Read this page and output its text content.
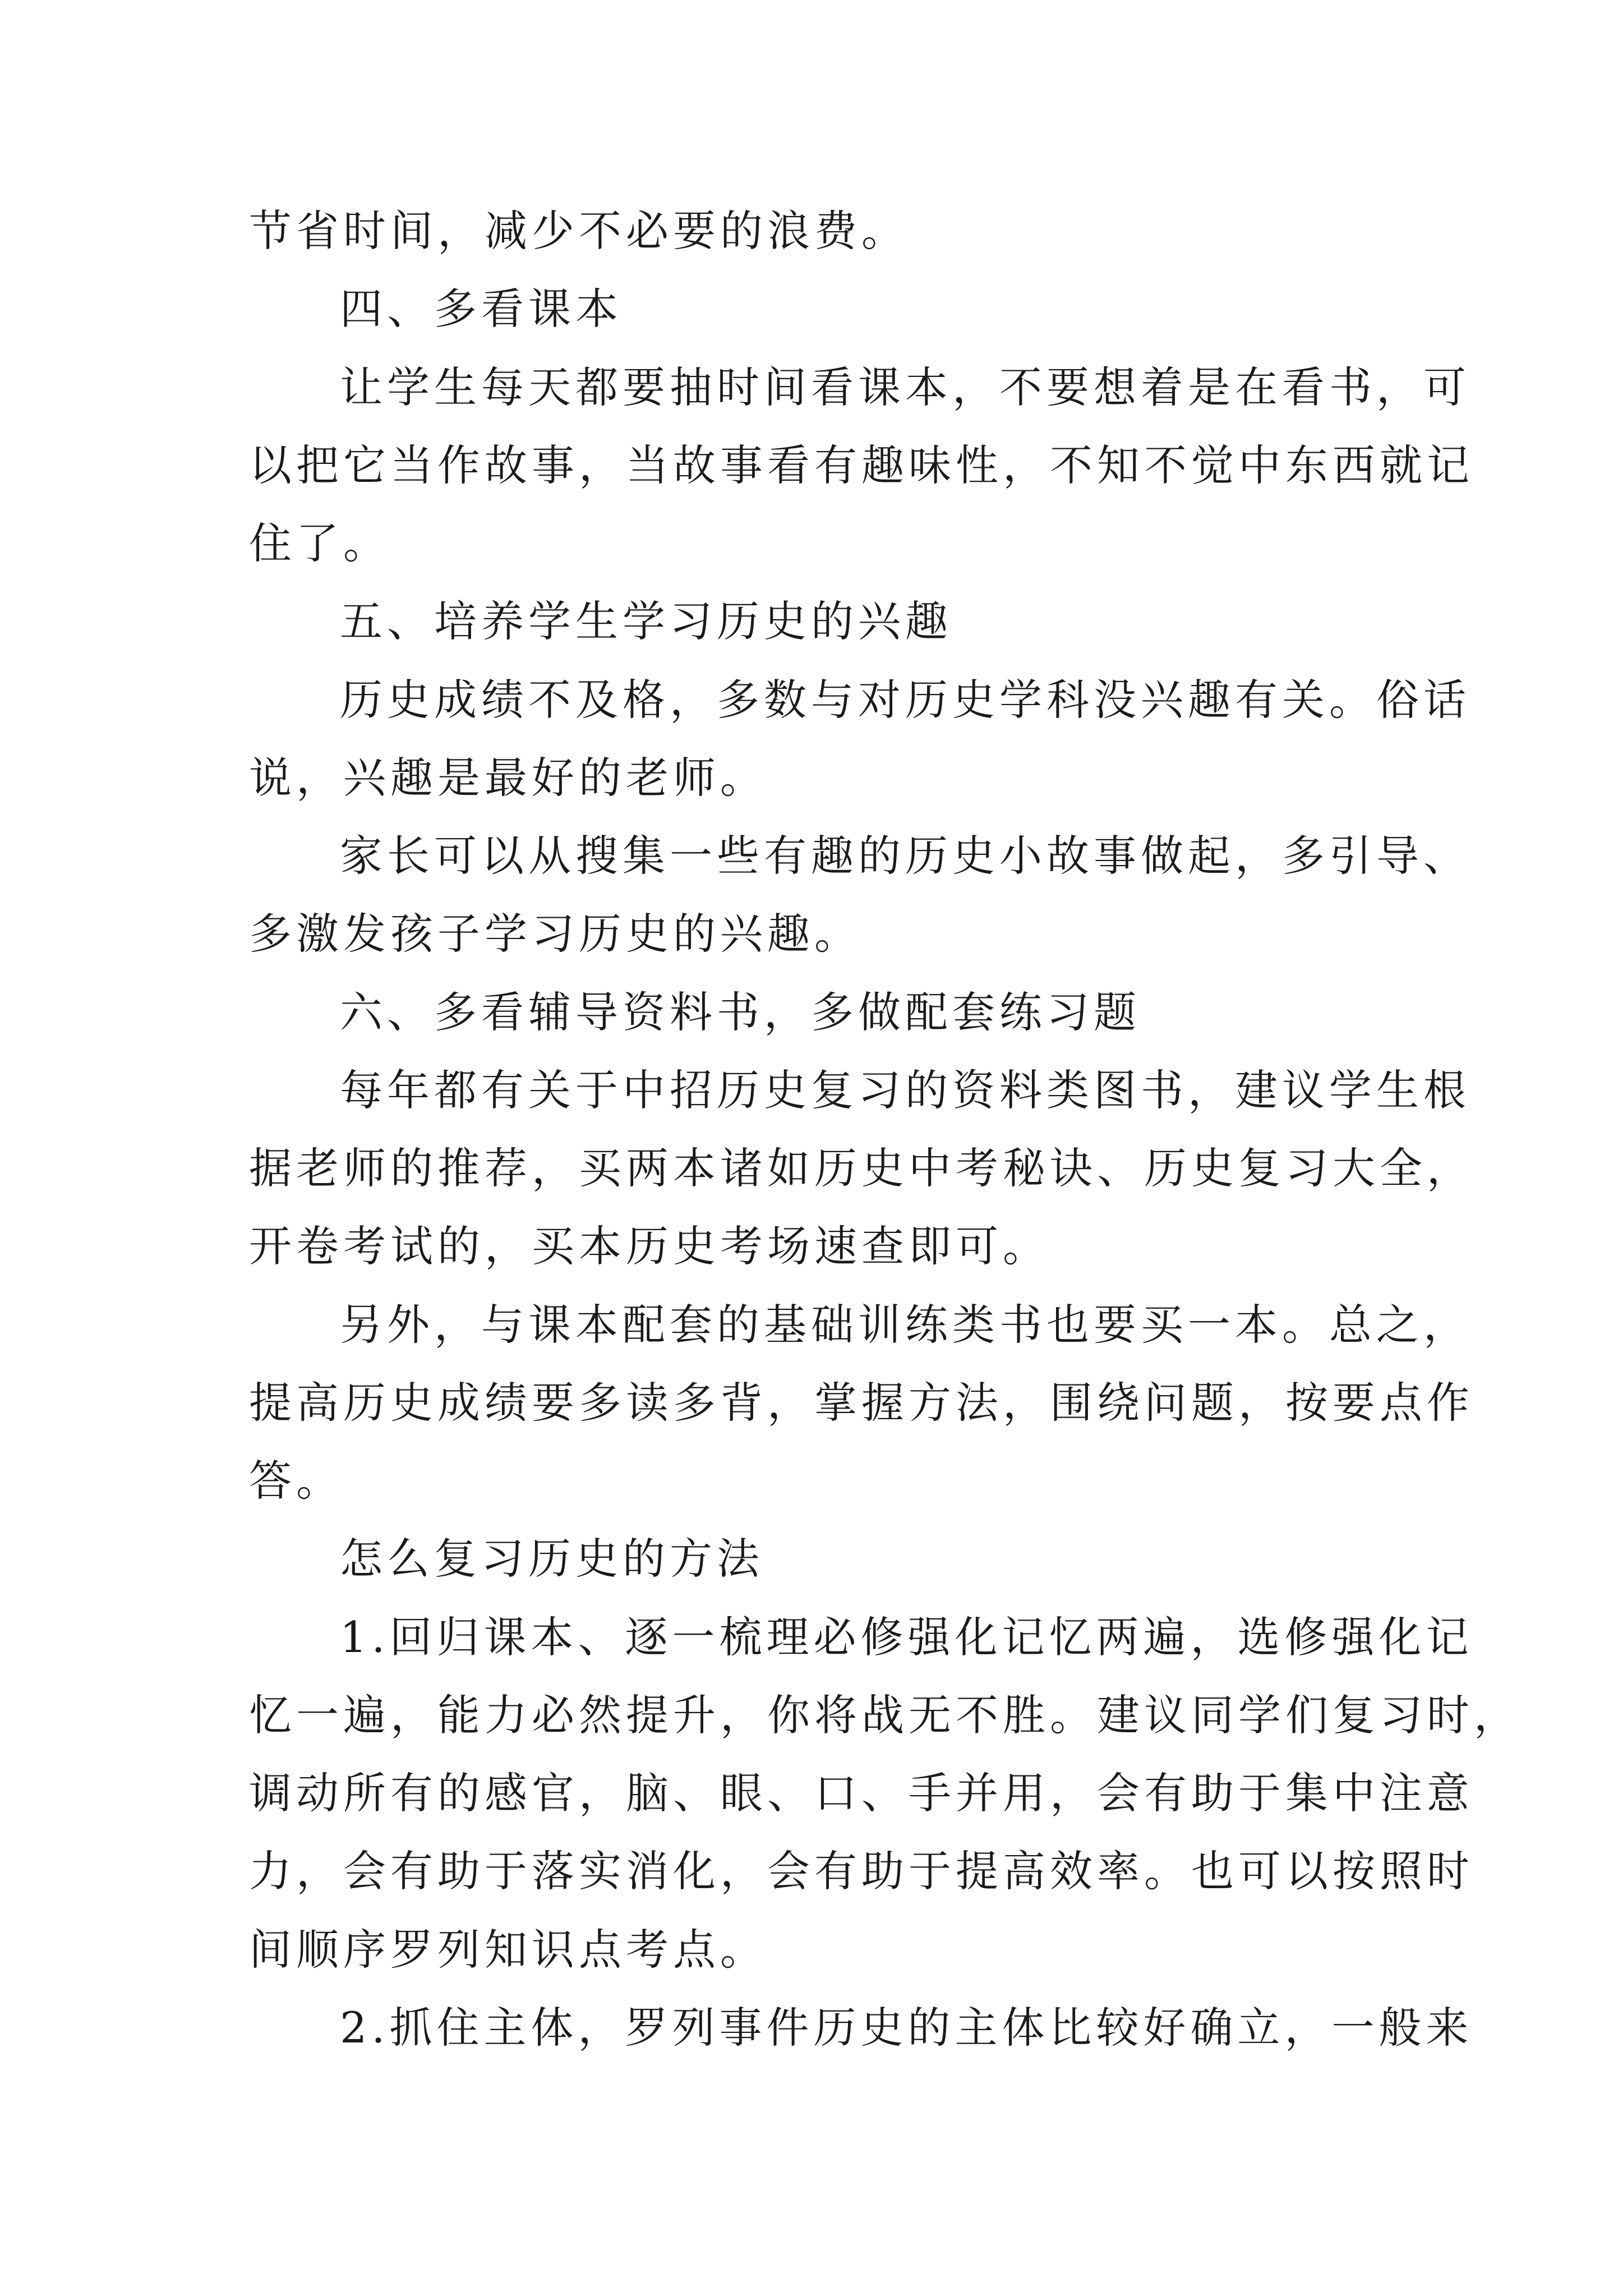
节省时间，减少不必要的浪费。
四、多看课本
让学生每天都要抽时间看课本，不要想着是在看书，可
以把它当作故事，当故事看有趣味性，不知不觉中东西就记
住了。
五、培养学生学习历史的兴趣
历史成绩不及格，多数与对历史学科没兴趣有关。俗话
说，兴趣是最好的老师。
家长可以从搜集一些有趣的历史小故事做起，多引导、
多激发孩子学习历史的兴趣。
六、多看辅导资料书，多做配套练习题
每年都有关于中招历史复习的资料类图书，建议学生根
据老师的推荐，买两本诸如历史中考秘诀、历史复习大全，
开卷考试的，买本历史考场速查即可。
另外，与课本配套的基础训练类书也要买一本。总之，
提高历史成绩要多读多背，掌握方法，围绕问题，按要点作
答。
怎么复习历史的方法
1.回归课本、逐一梳理必修强化记忆两遍，选修强化记
忆一遍，能力必然提升，你将战无不胜。建议同学们复习时，
调动所有的感官，脑、眼、口、手并用，会有助于集中注意
力，会有助于落实消化，会有助于提高效率。也可以按照时
间顺序罗列知识点考点。
2.抓住主体，罗列事件历史的主体比较好确立，一般来
